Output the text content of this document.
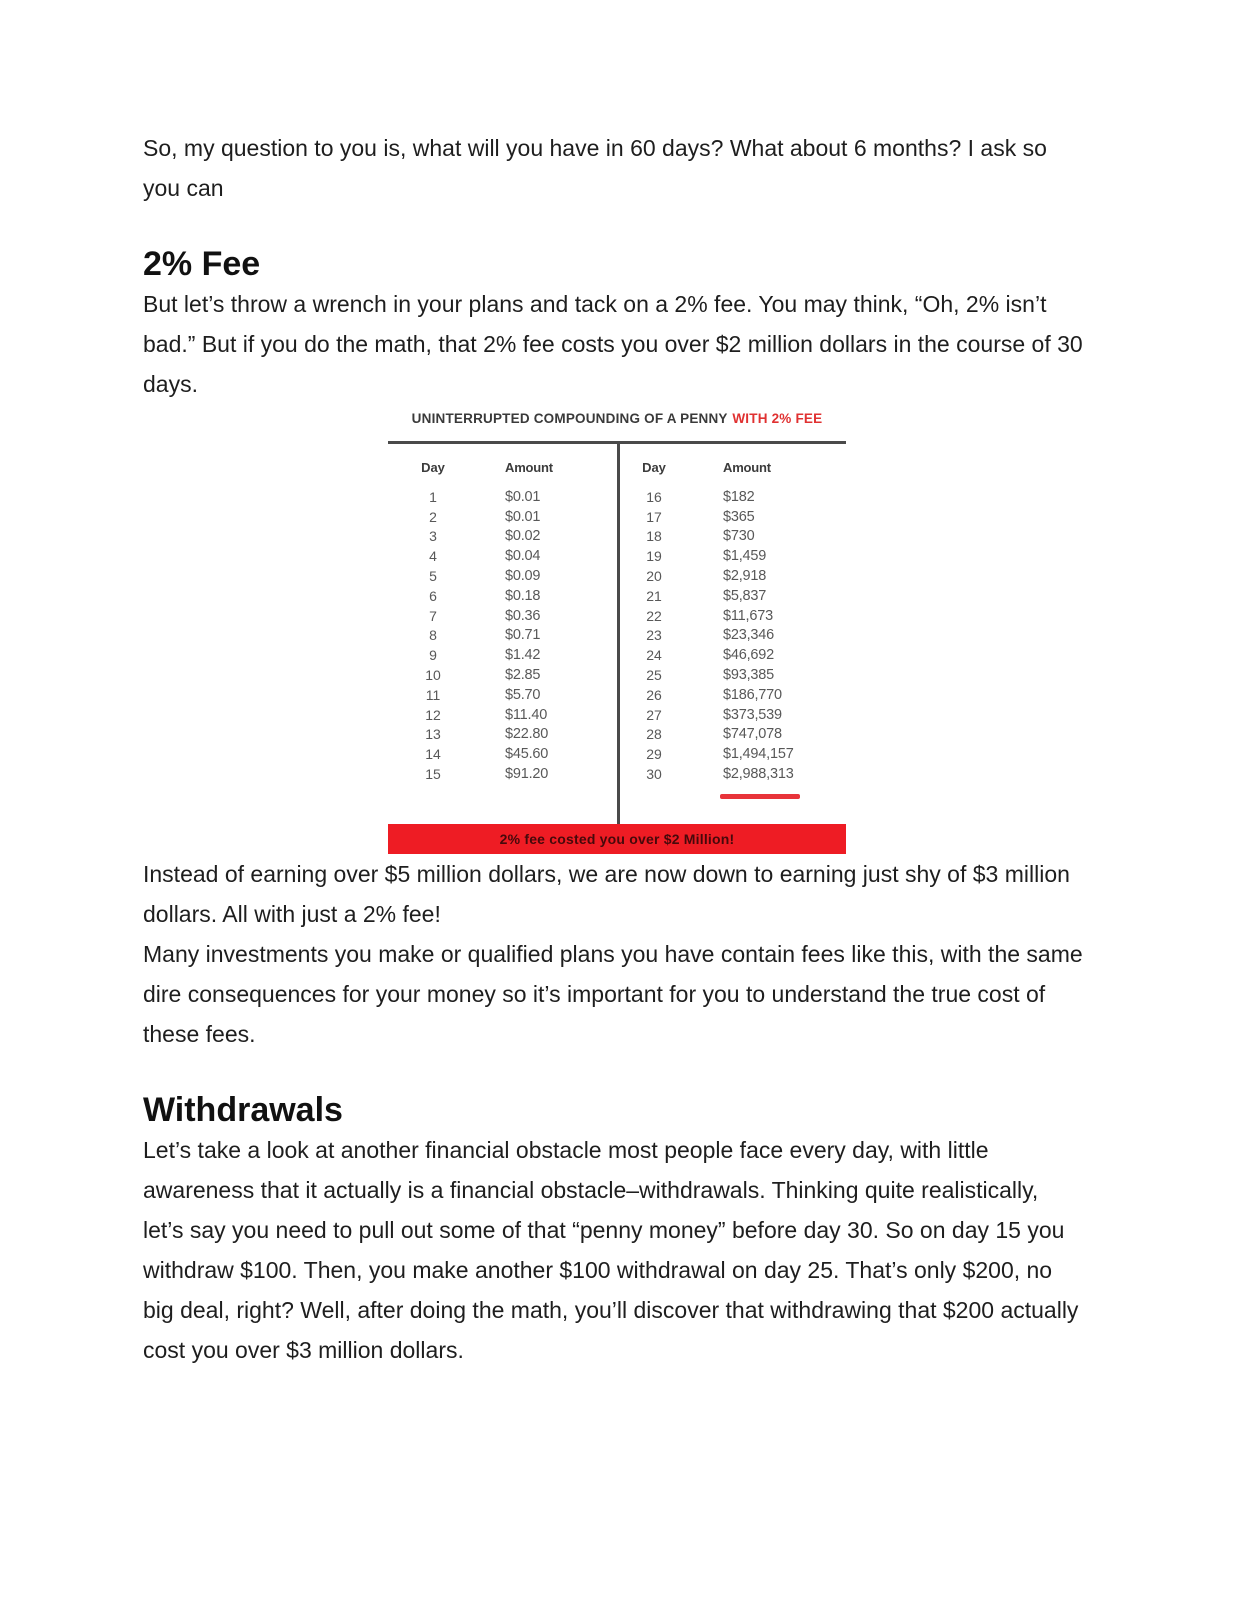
So, my question to you is, what will you have in 60 days? What about 6 months? I ask so you can

2% Fee

But let’s throw a wrench in your plans and tack on a 2% fee. You may think, “Oh, 2% isn’t bad.” But if you do the math, that 2% fee costs you over $2 million dollars in the course of 30 days.

UNINTERRUPTED COMPOUNDING OF A PENNY WITH 2% FEE
Day	Amount
1	$0.01
2	$0.01
3	$0.02
4	$0.04
5	$0.09
6	$0.18
7	$0.36
8	$0.71
9	$1.42
10	$2.85
11	$5.70
12	$11.40
13	$22.80
14	$45.60
15	$91.20
Day	Amount
16	$182
17	$365
18	$730
19	$1,459
20	$2,918
21	$5,837
22	$11,673
23	$23,346
24	$46,692
25	$93,385
26	$186,770
27	$373,539
28	$747,078
29	$1,494,157
30	$2,988,313
2% fee costed you over $2 Million!

Instead of earning over $5 million dollars, we are now down to earning just shy of $3 million dollars. All with just a 2% fee!

Many investments you make or qualified plans you have contain fees like this, with the same dire consequences for your money so it’s important for you to understand the true cost of these fees.

Withdrawals

Let’s take a look at another financial obstacle most people face every day, with little awareness that it actually is a financial obstacle–withdrawals. Thinking quite realistically, let’s say you need to pull out some of that “penny money” before day 30. So on day 15 you withdraw $100. Then, you make another $100 withdrawal on day 25. That’s only $200, no big deal, right? Well, after doing the math, you’ll discover that withdrawing that $200 actually cost you over $3 million dollars.
